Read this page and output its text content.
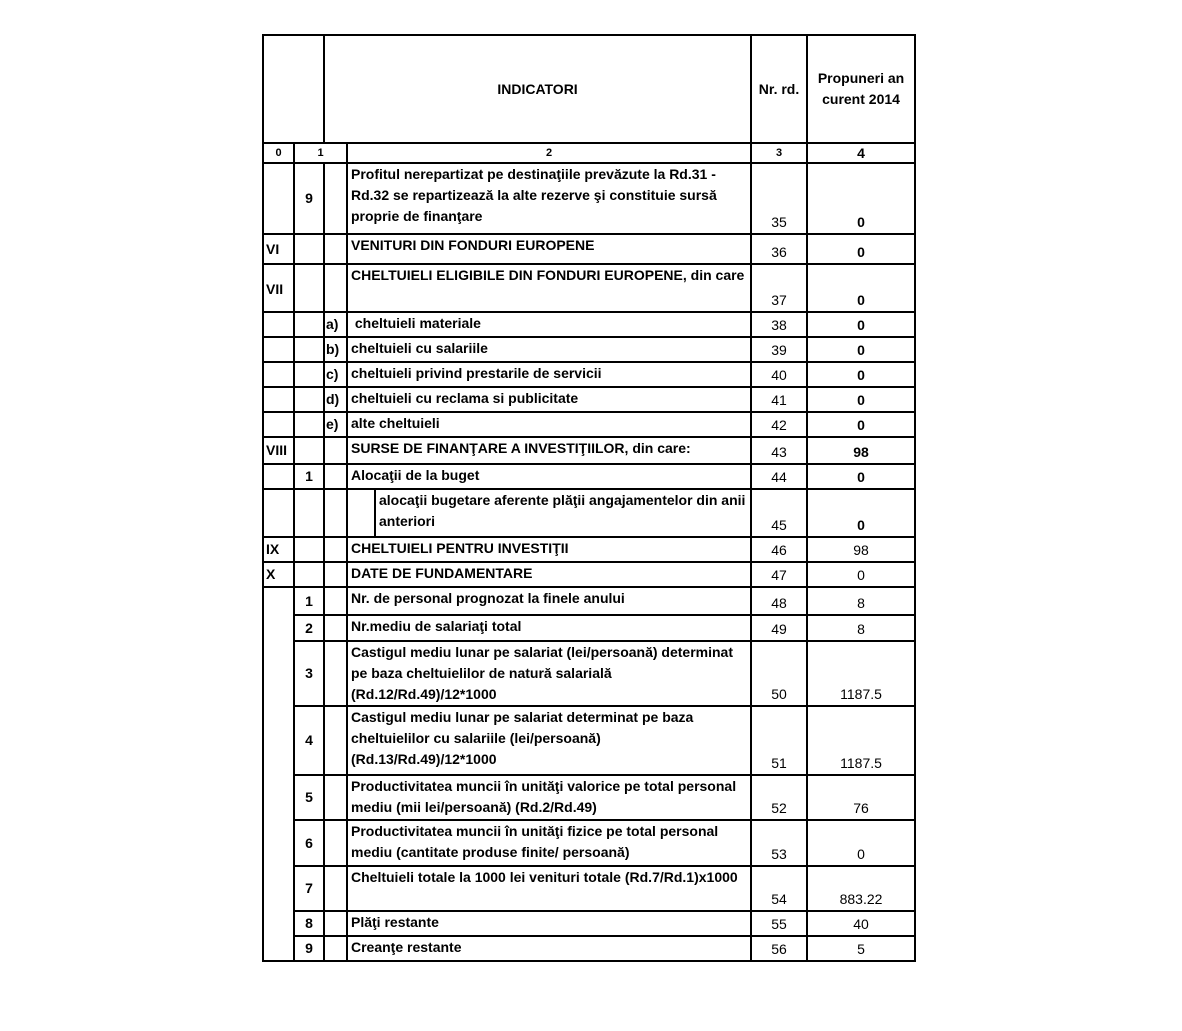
		INDICATORI			Nr. rd.	Propuneri an curent 2014
0	1		2		3	4
	9		Profitul nerepartizat pe destinaţiile prevăzute la Rd.31 - Rd.32 se repartizează la alte rezerve şi constituie sursă proprie de finanţare		35	0
VI			VENITURI DIN FONDURI EUROPENE		36	0
VII			CHELTUIELI ELIGIBILE DIN FONDURI EUROPENE, din care		37	0
		a)	cheltuieli materiale		38	0
		b)	cheltuieli cu salariile		39	0
		c)	cheltuieli privind prestarile de servicii		40	0
		d)	cheltuieli cu reclama si publicitate		41	0
		e)	alte cheltuieli		42	0
VIII			SURSE DE FINANŢARE A INVESTIŢIILOR, din care:		43	98
	1		Alocaţii de la buget		44	0
				alocaţii bugetare aferente plăţii angajamentelor din anii anteriori	45	0
IX			CHELTUIELI PENTRU INVESTIŢII		46	98
X			DATE DE FUNDAMENTARE		47	0
	1		Nr. de personal prognozat la finele anului		48	8
	2		Nr.mediu de salariaţi total		49	8
	3		Castigul mediu lunar pe salariat (lei/persoană) determinat pe baza cheltuielilor de natură salarială (Rd.12/Rd.49)/12*1000		50	1187.5
	4		Castigul mediu lunar pe salariat determinat pe baza cheltuielilor cu salariile (lei/persoană) (Rd.13/Rd.49)/12*1000		51	1187.5
	5		Productivitatea muncii în unităţi valorice pe total personal mediu (mii lei/persoană) (Rd.2/Rd.49)		52	76
	6		Productivitatea muncii în unităţi fizice pe total personal mediu (cantitate produse finite/ persoană)		53	0
	7		Cheltuieli totale la 1000 lei venituri totale (Rd.7/Rd.1)x1000		54	883.22
	8		Plăţi restante		55	40
	9		Creanţe restante		56	5
